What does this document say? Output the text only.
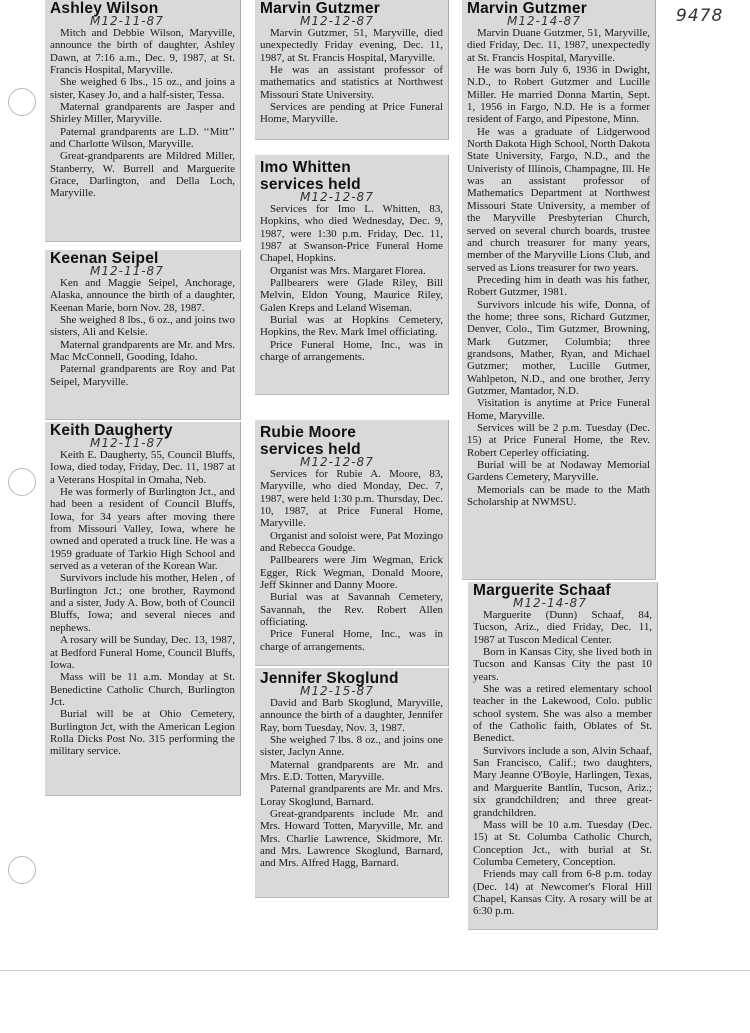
9478
Ashley Wilson
M12-11-87

Mitch and Debbie Wilson, Maryville, announce the birth of daughter, Ashley Dawn, at 7:16 a.m., Dec. 9, 1987, at St. Francis Hospital, Maryville.

She weighed 6 lbs., 15 oz., and joins a sister, Kasey Jo, and a half-sister, Tessa.

Maternal grandparents are Jasper and Shirley Miller, Maryville.

Paternal grandparents are L.D. ‘‘Mitt’’ and Charlotte Wilson, Maryville.

Great-grandparents are Mildred Miller, Stanberry, W. Burrell and Marguerite Grace, Darlington, and Della Loch, Maryville.

Keenan Seipel
M12-11-87

Ken and Maggie Seipel, Anchorage, Alaska, announce the birth of a daughter, Keenan Marie, born Nov. 28, 1987.

She weighed 8 lbs., 6 oz., and joins two sisters, Ali and Kelsie.

Maternal grandparents are Mr. and Mrs. Mac McConnell, Gooding, Idaho.

Paternal grandparents are Roy and Pat Seipel, Maryville.

Keith Daugherty
M12-11-87

Keith E. Daugherty, 55, Council Bluffs, Iowa, died today, Friday, Dec. 11, 1987 at a Veterans Hospital in Omaha, Neb.

He was formerly of Burlington Jct., and had been a resident of Council Bluffs, Iowa, for 34 years after moving there from Missouri Valley, Iowa, where he owned and operated a truck line. He was a 1959 graduate of Tarkio High School and served as a veteran of the Korean War.

Survivors include his mother, Helen , of Burlington Jct.; one brother, Raymond and a sister, Judy A. Bow, both of Council Bluffs, Iowa; and several nieces and nephews.

A rosary will be Sunday, Dec. 13, 1987, at Bedford Funeral Home, Council Bluffs, Iowa.

Mass will be 11 a.m. Monday at St. Benedictine Catholic Church, Burlington Jct.

Burial will be at Ohio Cemetery, Burlington Jct, with the American Legion Rolla Dicks Post No. 315 performing the military service.

Marvin Gutzmer
M12-12-87

Marvin Gutzmer, 51, Maryville, died unexpectedly Friday evening, Dec. 11, 1987, at St. Francis Hospital, Maryville.

He was an assistant professor of mathematics and statistics at Northwest Missouri State University.

Services are pending at Price Funeral Home, Maryville.

Imo Whitten services held
M12-12-87

Services for Imo L. Whitten, 83, Hopkins, who died Wednesday, Dec. 9, 1987, were 1:30 p.m. Friday, Dec. 11, 1987 at Swanson-Price Funeral Home Chapel, Hopkins.

Organist was Mrs. Margaret Florea.

Pallbearers were Glade Riley, Bill Melvin, Eldon Young, Maurice Riley, Galen Kreps and Leland Wiseman.

Burial was at Hopkins Cemetery, Hopkins, the Rev. Mark Imel officiating.

Price Funeral Home, Inc., was in charge of arrangements.

Rubie Moore services held
M12-12-87

Services for Rubie A. Moore, 83, Maryville, who died Monday, Dec. 7, 1987, were held 1:30 p.m. Thursday, Dec. 10, 1987, at Price Funeral Home, Maryville.

Organist and soloist were, Pat Mozingo and Rebecca Goudge.

Pallbearers were Jim Wegman, Erick Egger, Rick Wegman, Donald Moore, Jeff Skinner and Danny Moore.

Burial was at Savannah Cemetery, Savannah, the Rev. Robert Allen officiating.

Price Funeral Home, Inc., was in charge of arrangements.

Jennifer Skoglund
M12-15-87

David and Barb Skoglund, Maryville, announce the birth of a daughter, Jennifer Ray, born Tuesday, Nov. 3, 1987.

She weighed 7 lbs. 8 oz., and joins one sister, Jaclyn Anne.

Maternal grandparents are Mr. and Mrs. E.D. Totten, Maryville.

Paternal grandparents are Mr. and Mrs. Loray Skoglund, Barnard.

Great-grandparents include Mr. and Mrs. Howard Totten, Maryville, Mr. and Mrs. Charlie Lawrence, Skidmore, Mr. and Mrs. Lawrence Skoglund, Barnard, and Mrs. Alfred Hagg, Barnard.

Marvin Gutzmer
M12-14-87

Marvin Duane Gutzmer, 51, Maryville, died Friday, Dec. 11, 1987, unexpectedly at St. Francis Hospital, Maryville.

He was born July 6, 1936 in Dwight, N.D., to Robert Gutzmer and Lucille Miller. He married Donna Martin, Sept. 1, 1956 in Fargo, N.D. He is a former resident of Fargo, and Pipestone, Minn.

He was a graduate of Lidgerwood North Dakota High School, North Dakota State University, Fargo, N.D., and the Univeristy of Illinois, Champagne, Ill. He was an assistant professor of Mathematics Department at Northwest Missouri State University, a member of the Maryville Presbyterian Church, served on several church boards, trustee and church treasurer for many years, member of the Maryville Lions Club, and served as Lions treasurer for two years.

Preceding him in death was his father, Robert Gutzmer, 1981.

Survivors inlcude his wife, Donna, of the home; three sons, Richard Gutzmer, Denver, Colo., Tim Gutzmer, Browning, Mark Gutzmer, Columbia; three grandsons, Mather, Ryan, and Michael Gutzmer; mother, Lucille Gutmer, Wahlpeton, N.D., and one brother, Jerry Gutzmer, Mantador, N.D.

Visitation is anytime at Price Funeral Home, Maryville.

Services will be 2 p.m. Tuesday (Dec. 15) at Price Funeral Home, the Rev. Robert Ceperley officiating.

Burial will be at Nodaway Memorial Gardens Cemetery, Maryville.

Memorials can be made to the Math Scholarship at NWMSU.

Marguerite Schaaf
M12-14-87

Marguerite (Dunn) Schaaf, 84, Tucson, Ariz., died Friday, Dec. 11, 1987 at Tuscon Medical Center.

Born in Kansas City, she lived both in Tucson and Kansas City the past 10 years.

She was a retired elementary school teacher in the Lakewood, Colo. public school system. She was also a member of the Catholic faith, Oblates of St. Benedict.

Survivors include a son, Alvin Schaaf, San Francisco, Calif.; two daughters, Mary Jeanne O'Boyle, Harlingen, Texas, and Marguerite Bantlin, Tucson, Ariz.; six grandchildren; and three great-grandchildren.

Mass will be 10 a.m. Tuesday (Dec. 15) at St. Columba Catholic Church, Conception Jct., with burial at St. Columba Cemetery, Conception.

Friends may call from 6-8 p.m. today (Dec. 14) at Newcomer's Floral Hill Chapel, Kansas City. A rosary will be at 6:30 p.m.
